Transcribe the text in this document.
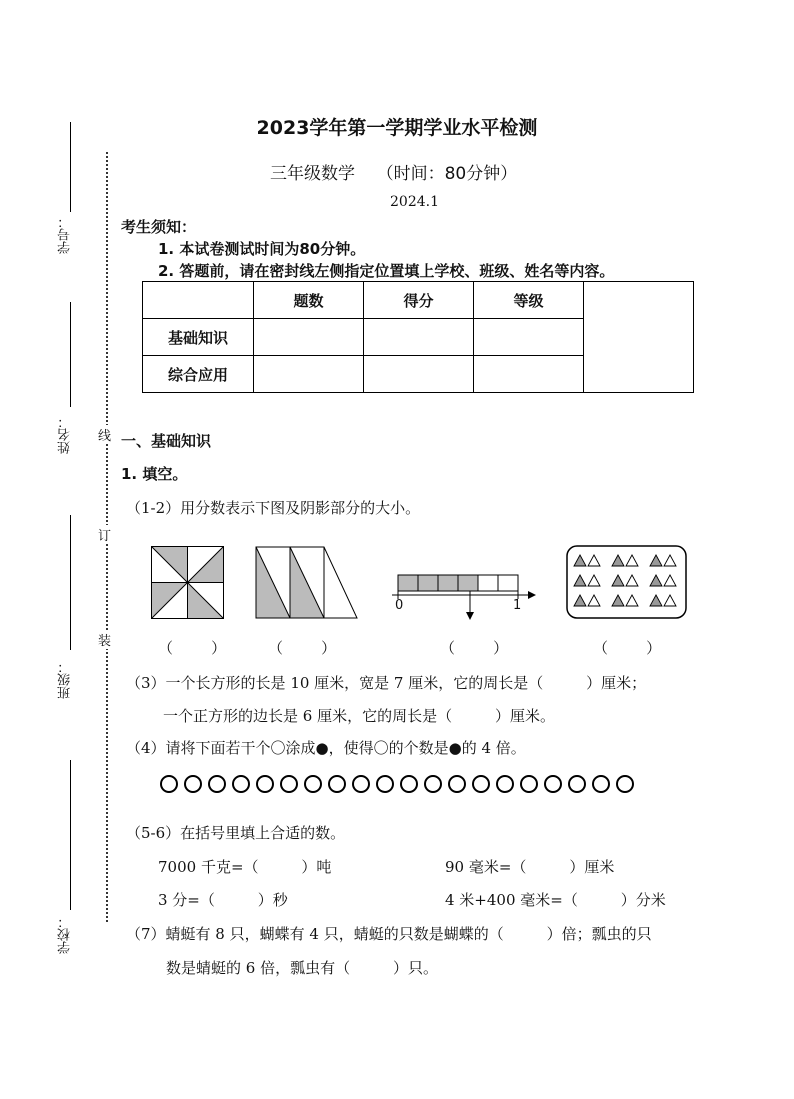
学号：
姓名：
班级：
学校：
线
订
装
2023学年第一学期学业水平检测
三年级数学    （时间：80分钟）
2024.1
考生须知：
1. 本试卷测试时间为80分钟。
2. 答题前，请在密封线左侧指定位置填上学校、班级、姓名等内容。
	题数	得分	等级	
基础知识				
综合应用				
一、基础知识
1. 填空。
（1-2）用分数表示下图及阴影部分的大小。
0	1
（        ）	（        ）	（        ）	（        ）
（3）一个长方形的长是 10 厘米，宽是 7 厘米，它的周长是（         ）厘米；
一个正方形的边长是 6 厘米，它的周长是（         ）厘米。
（4）请将下面若干个〇涂成●，使得〇的个数是●的 4 倍。
（5-6）在括号里填上合适的数。
7000 千克=（         ）吨	90 毫米=（         ）厘米
3 分=（         ）秒	4 米+400 毫米=（         ）分米
（7）蜻蜓有 8 只，蝴蝶有 4 只，蜻蜓的只数是蝴蝶的（         ）倍；瓢虫的只
数是蜻蜓的 6 倍，瓢虫有（         ）只。
